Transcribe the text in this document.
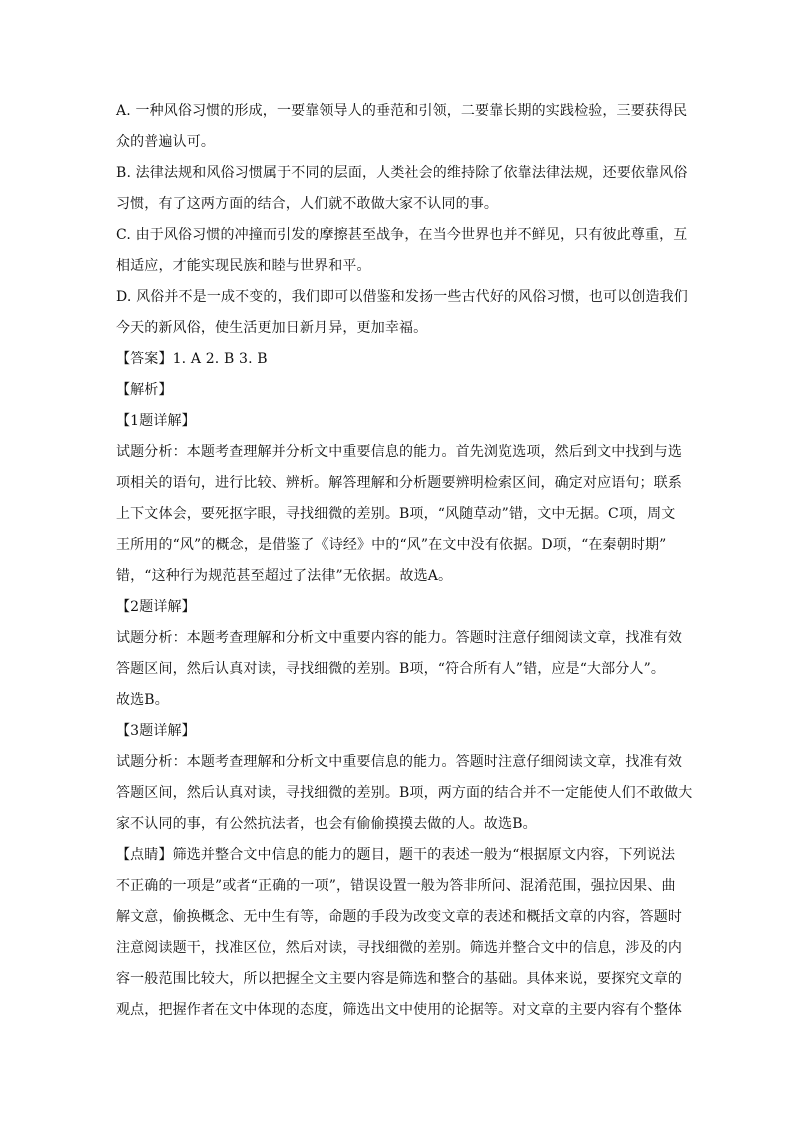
A. 一种风俗习惯的形成，一要靠领导人的垂范和引领，二要靠长期的实践检验，三要获得民
众的普遍认可。
B. 法律法规和风俗习惯属于不同的层面，人类社会的维持除了依靠法律法规，还要依靠风俗
习惯，有了这两方面的结合，人们就不敢做大家不认同的事。
C. 由于风俗习惯的冲撞而引发的摩擦甚至战争，在当今世界也并不鲜见，只有彼此尊重，互
相适应，才能实现民族和睦与世界和平。
D. 风俗并不是一成不变的，我们即可以借鉴和发扬一些古代好的风俗习惯，也可以创造我们
今天的新风俗，使生活更加日新月异，更加幸福。
【答案】1. A 2. B 3. B
【解析】
【1题详解】
试题分析：本题考查理解并分析文中重要信息的能力。首先浏览选项，然后到文中找到与选
项相关的语句，进行比较、辨析。解答理解和分析题要辨明检索区间，确定对应语句；联系
上下文体会，要死抠字眼，寻找细微的差别。B项，“风随草动”错，文中无据。C项，周文
王所用的“风”的概念，是借鉴了《诗经》中的“风”在文中没有依据。D项，“在秦朝时期”
错，“这种行为规范甚至超过了法律”无依据。故选A。
【2题详解】
试题分析：本题考查理解和分析文中重要内容的能力。答题时注意仔细阅读文章，找准有效
答题区间，然后认真对读，寻找细微的差别。B项，“符合所有人”错，应是“大部分人”。
故选B。
【3题详解】
试题分析：本题考查理解和分析文中重要信息的能力。答题时注意仔细阅读文章，找准有效
答题区间，然后认真对读，寻找细微的差别。B项，两方面的结合并不一定能使人们不敢做大
家不认同的事，有公然抗法者，也会有偷偷摸摸去做的人。故选B。
【点睛】筛选并整合文中信息的能力的题目，题干的表述一般为“根据原文内容，下列说法
不正确的一项是”或者“正确的一项”，错误设置一般为答非所问、混淆范围，强拉因果、曲
解文意，偷换概念、无中生有等，命题的手段为改变文章的表述和概括文章的内容，答题时
注意阅读题干，找准区位，然后对读，寻找细微的差别。筛选并整合文中的信息，涉及的内
容一般范围比较大，所以把握全文主要内容是筛选和整合的基础。具体来说，要探究文章的
观点，把握作者在文中体现的态度，筛选出文中使用的论据等。对文章的主要内容有个整体
